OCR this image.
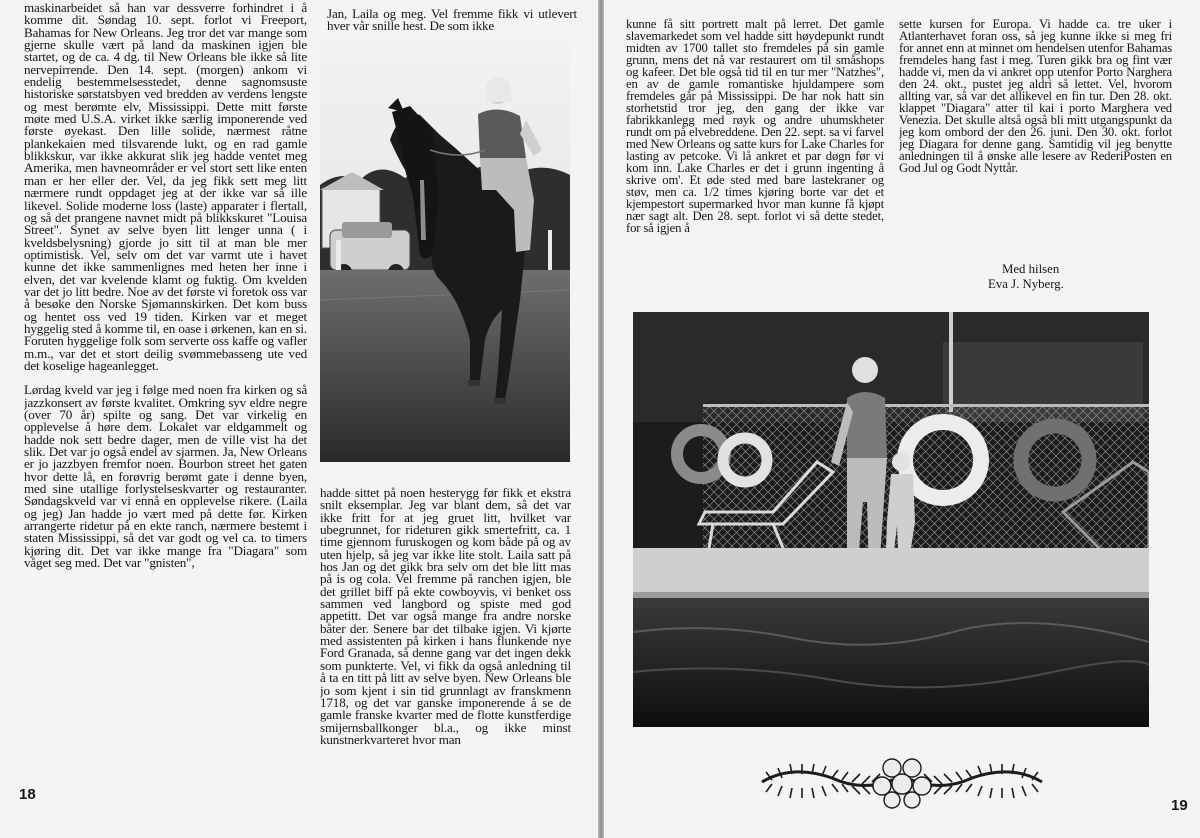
maskinarbeidet så han var dessverre forhindret i å komme dit. Søndag 10. sept. forlot vi Freeport, Bahamas for New Orleans. Jeg tror det var mange som gjerne skulle vært på land da maskinen igjen ble startet, og de ca. 4 dg. til New Orleans ble ikke så lite nervepirrende. Den 14. sept. (morgen) ankom vi endelig bestemmelsesstedet, denne sagnomsuste historiske sørstatsbyen ved bredden av verdens lengste og mest berømte elv, Mississippi. Dette mitt første møte med U.S.A. virket ikke særlig imponerende ved første øyekast. Den lille solide, nærmest råtne plankekaien med tilsvarende lukt, og en rad gamle blikkskur, var ikke akkurat slik jeg hadde ventet meg Amerika, men havneområder er vel stort sett like enten man er her eller der. Vel, da jeg fikk sett meg litt nærmere rundt oppdaget jeg at der ikke var så ille likevel. Solide moderne loss (laste) apparater i flertall, og så det prangene navnet midt på blikkskuret "Louisa Street". Synet av selve byen litt lenger unna ( i kveldsbelysning) gjorde jo sitt til at man ble mer optimistisk. Vel, selv om det var varmt ute i havet kunne det ikke sammenlignes med heten her inne i elven, det var kvelende klamt og fuktig. Om kvelden var det jo litt bedre. Noe av det første vi foretok oss var å besøke den Norske Sjømannskirken. Det kom buss og hentet oss ved 19 tiden. Kirken var et meget hyggelig sted å komme til, en oase i ørkenen, kan en si. Foruten hyggelige folk som serverte oss kaffe og vafler m.m., var det et stort deilig svømmebasseng ute ved det koselige hageanlegget.

Lørdag kveld var jeg i følge med noen fra kirken og så jazzkonsert av første kvalitet. Omkring syv eldre negre (over 70 år) spilte og sang. Det var virkelig en opplevelse å høre dem. Lokalet var eldgammelt og hadde nok sett bedre dager, men de ville vist ha det slik. Det var jo også endel av sjarmen. Ja, New Orleans er jo jazzbyen fremfor noen. Bourbon street het gaten hvor dette lå, en forøvrig berømt gate i denne byen, med sine utallige forlystelseskvarter og restauranter. Søndagskveld var vi ennå en opplevelse rikere. (Laila og jeg) Jan hadde jo vært med på dette før. Kirken arrangerte ridetur på en ekte ranch, nærmere bestemt i staten Mississippi, så det var godt og vel ca. to timers kjøring dit. Det var ikke mange fra "Diagara" som våget seg med. Det var "gnisten",

Jan, Laila og meg. Vel fremme fikk vi utlevert hver vår snille hest. De som ikke
hadde sittet på noen hesterygg før fikk et ekstra snilt eksemplar. Jeg var blant dem, så det var ikke fritt for at jeg gruet litt, hvilket var ubegrunnet, for rideturen gikk smertefritt, ca. 1 time gjennom furuskogen og kom både på og av uten hjelp, så jeg var ikke lite stolt. Laila satt på hos Jan og det gikk bra selv om det ble litt mas på is og cola. Vel fremme på ranchen igjen, ble det grillet biff på ekte cowboyvis, vi benket oss sammen ved langbord og spiste med god appetitt. Det var også mange fra andre norske båter der. Senere bar det tilbake igjen. Vi kjørte med assistenten på kirken i hans flunkende nye Ford Granada, så denne gang var det ingen dekk som punkterte. Vel, vi fikk da også anledning til å ta en titt på litt av selve byen. New Orleans ble jo som kjent i sin tid grunnlagt av franskmenn 1718, og det var ganske imponerende å se de gamle franske kvarter med de flotte kunstferdige smijernsballkonger bl.a., og ikke minst kunstnerkvarteret hvor man
18
kunne få sitt portrett malt på lerret. Det gamle slavemarkedet som vel hadde sitt høydepunkt rundt midten av 1700 tallet sto fremdeles på sin gamle grunn, mens det nå var restaurert om til småshops og kafeer. Det ble også tid til en tur mer "Natzhes", en av de gamle romantiske hjuldampere som fremdeles går på Mississippi. De har nok hatt sin storhetstid tror jeg, den gang der ikke var fabrikkanlegg med røyk og andre uhumskheter rundt om på elvebreddene. Den 22. sept. sa vi farvel med New Orleans og satte kurs for Lake Charles for lasting av petcoke. Vi lå ankret et par døgn før vi kom inn. Lake Charles er det i grunn ingenting å skrive om'. Et øde sted med bare lastekraner og støv, men ca. 1/2 times kjøring borte var det et kjempestort supermarked hvor man kunne få kjøpt nær sagt alt. Den 28. sept. forlot vi så dette stedet, for så igjen å
sette kursen for Europa. Vi hadde ca. tre uker i Atlanterhavet foran oss, så jeg kunne ikke si meg fri for annet enn at minnet om hendelsen utenfor Bahamas fremdeles hang fast i meg. Turen gikk bra og fint vær hadde vi, men da vi ankret opp utenfor Porto Narghera den 24. okt., pustet jeg aldri så lettet. Vel, hvorom allting var, så var det allikevel en fin tur. Den 28. okt. klappet "Diagara" atter til kai i porto Marghera ved Venezia. Det skulle altså også bli mitt utgangspunkt da jeg kom ombord der den 26. juni. Den 30. okt. forlot jeg Diagara for denne gang. Samtidig vil jeg benytte anledningen til å ønske alle lesere av RederiPosten en God Jul og Godt Nyttår.
Med hilsen
Eva J. Nyberg.
19
